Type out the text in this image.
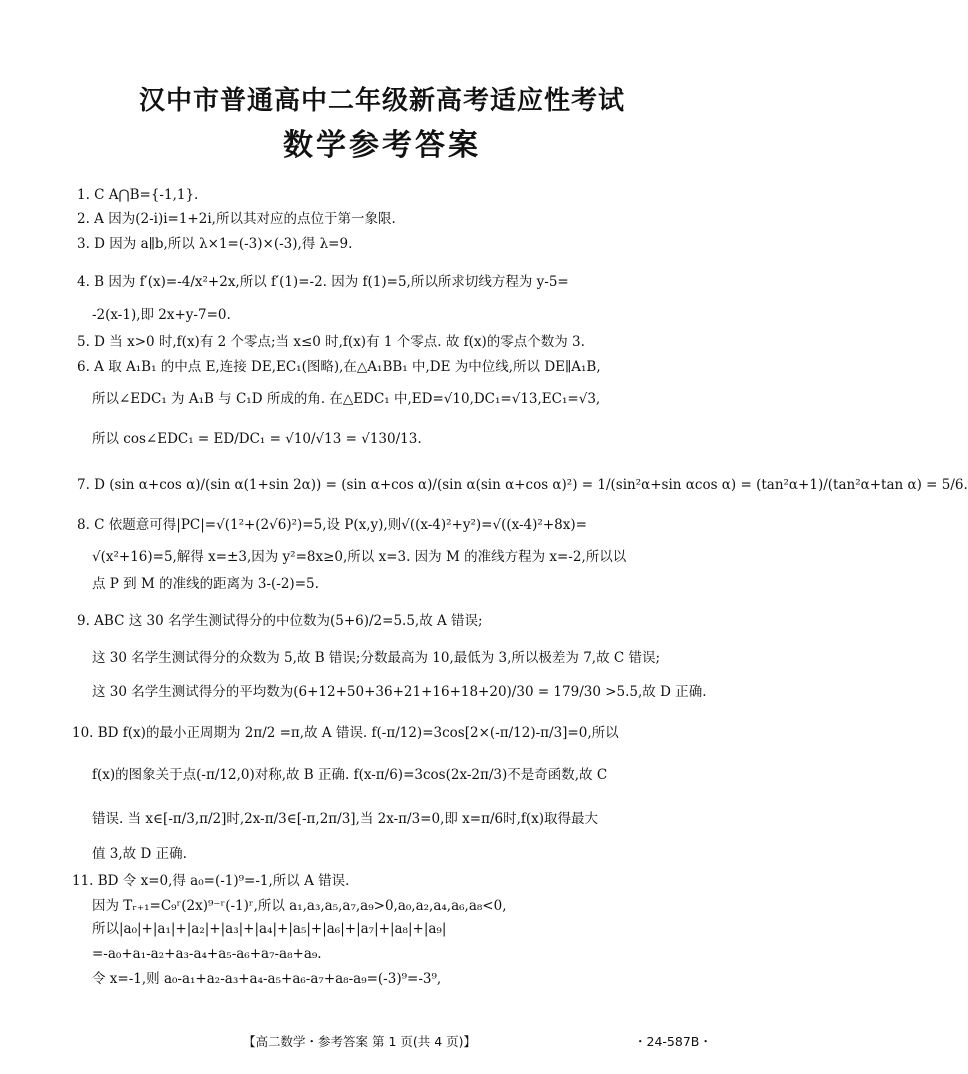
汉中市普通高中二年级新高考适应性考试
数学参考答案
1. C A⋂B={-1,1}.
2. A 因为(2-i)i=1+2i,所以其对应的点位于第一象限.
3. D 因为 a∥b,所以 λ×1=(-3)×(-3),得 λ=9.
4. B 因为 f′(x)=-4/x²+2x,所以 f′(1)=-2. 因为 f(1)=5,所以所求切线方程为 y-5=
-2(x-1),即 2x+y-7=0.
5. D 当 x>0 时,f(x)有 2 个零点;当 x≤0 时,f(x)有 1 个零点. 故 f(x)的零点个数为 3.
6. A 取 A₁B₁ 的中点 E,连接 DE,EC₁(图略),在△A₁BB₁ 中,DE 为中位线,所以 DE∥A₁B,
所以∠EDC₁ 为 A₁B 与 C₁D 所成的角. 在△EDC₁ 中,ED=√10,DC₁=√13,EC₁=√3,
所以 cos∠EDC₁ = ED/DC₁ = √10/√13 = √130/13.
7. D (sin α+cos α)/(sin α(1+sin 2α)) = (sin α+cos α)/(sin α(sin α+cos α)²) = 1/(sin²α+sin αcos α) = (tan²α+1)/(tan²α+tan α) = 5/6.
8. C 依题意可得|PC|=√(1²+(2√6)²)=5,设 P(x,y),则√((x-4)²+y²)=√((x-4)²+8x)=
√(x²+16)=5,解得 x=±3,因为 y²=8x≥0,所以 x=3. 因为 M 的准线方程为 x=-2,所以以
点 P 到 M 的准线的距离为 3-(-2)=5.
9. ABC 这 30 名学生测试得分的中位数为(5+6)/2=5.5,故 A 错误;
这 30 名学生测试得分的众数为 5,故 B 错误;分数最高为 10,最低为 3,所以极差为 7,故 C 错误;
这 30 名学生测试得分的平均数为(6+12+50+36+21+16+18+20)/30 = 179/30 >5.5,故 D 正确.
10. BD f(x)的最小正周期为 2π/2 =π,故 A 错误. f(-π/12)=3cos[2×(-π/12)-π/3]=0,所以
f(x)的图象关于点(-π/12,0)对称,故 B 正确. f(x-π/6)=3cos(2x-2π/3)不是奇函数,故 C
错误. 当 x∈[-π/3,π/2]时,2x-π/3∈[-π,2π/3],当 2x-π/3=0,即 x=π/6时,f(x)取得最大
值 3,故 D 正确.
11. BD 令 x=0,得 a₀=(-1)⁹=-1,所以 A 错误.
因为 Tᵣ₊₁=C₉ʳ(2x)⁹⁻ʳ(-1)ʳ,所以 a₁,a₃,a₅,a₇,a₉>0,a₀,a₂,a₄,a₆,a₈<0,
所以|a₀|+|a₁|+|a₂|+|a₃|+|a₄|+|a₅|+|a₆|+|a₇|+|a₈|+|a₉|
=-a₀+a₁-a₂+a₃-a₄+a₅-a₆+a₇-a₈+a₉.
令 x=-1,则 a₀-a₁+a₂-a₃+a₄-a₅+a₆-a₇+a₈-a₉=(-3)⁹=-3⁹,
【高二数学・参考答案 第 1 页(共 4 页)】	・24-587B・
